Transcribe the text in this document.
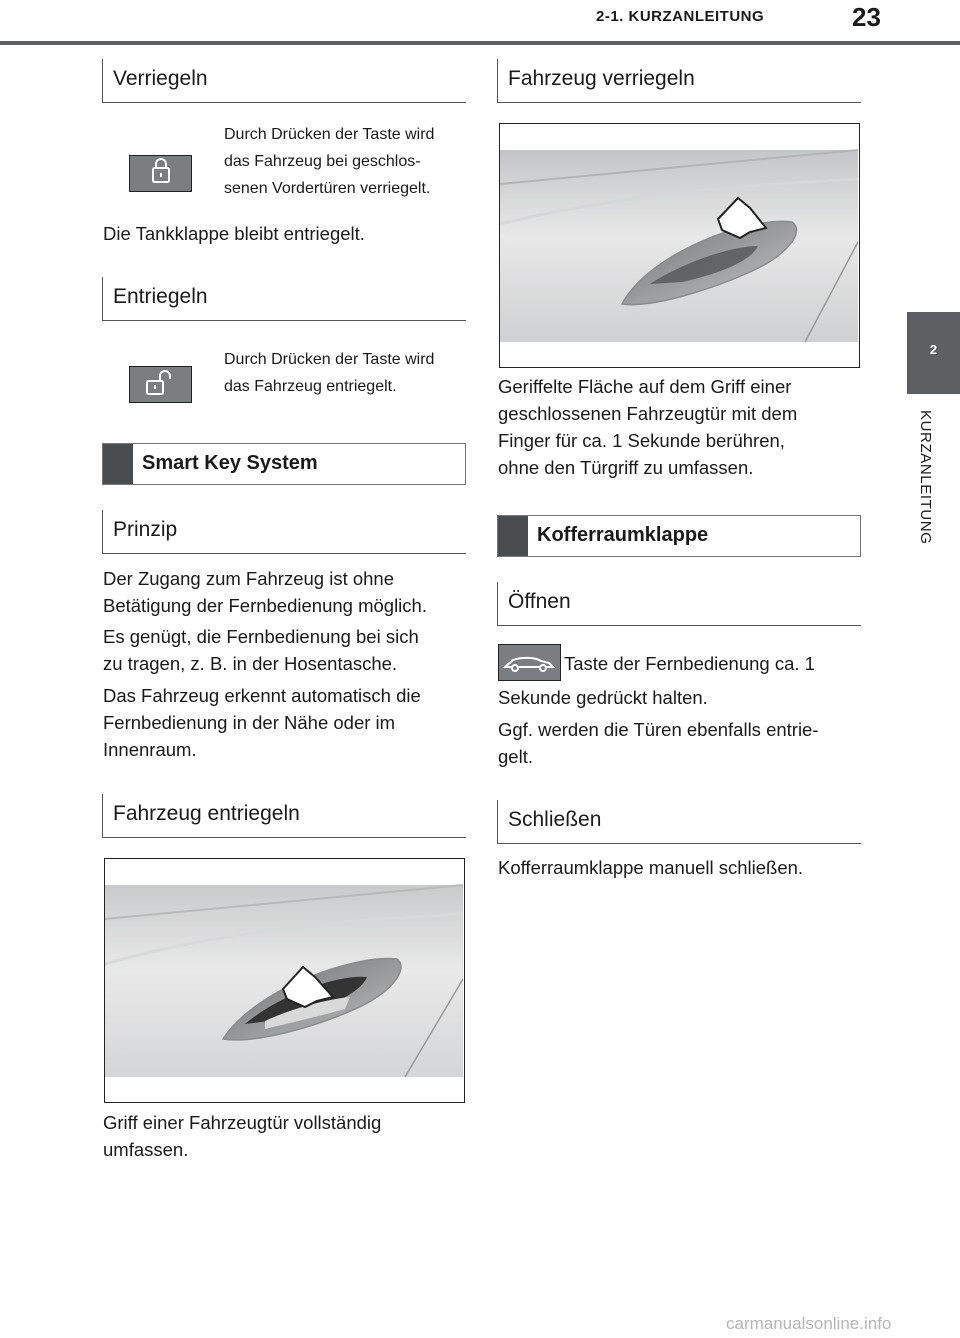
2-1. KURZANLEITUNG	23
2
KURZANLEITUNG
Verriegeln
Durch Drücken der Taste wird
das Fahrzeug bei geschlos-
senen Vordertüren verriegelt.
Die Tankklappe bleibt entriegelt.
Entriegeln
Durch Drücken der Taste wird
das Fahrzeug entriegelt.
Smart Key System
Prinzip
Der Zugang zum Fahrzeug ist ohne
Betätigung der Fernbedienung möglich.
Es genügt, die Fernbedienung bei sich
zu tragen, z. B. in der Hosentasche.
Das Fahrzeug erkennt automatisch die
Fernbedienung in der Nähe oder im
Innenraum.
Fahrzeug entriegeln
Griff einer Fahrzeugtür vollständig
umfassen.
Fahrzeug verriegeln
Geriffelte Fläche auf dem Griff einer
geschlossenen Fahrzeugtür mit dem
Finger für ca. 1 Sekunde berühren,
ohne den Türgriff zu umfassen.
Kofferraumklappe
Öffnen
Taste der Fernbedienung ca. 1
Sekunde gedrückt halten.
Ggf. werden die Türen ebenfalls entrie-
gelt.
Schließen
Kofferraumklappe manuell schließen.
carmanualsonline.info
